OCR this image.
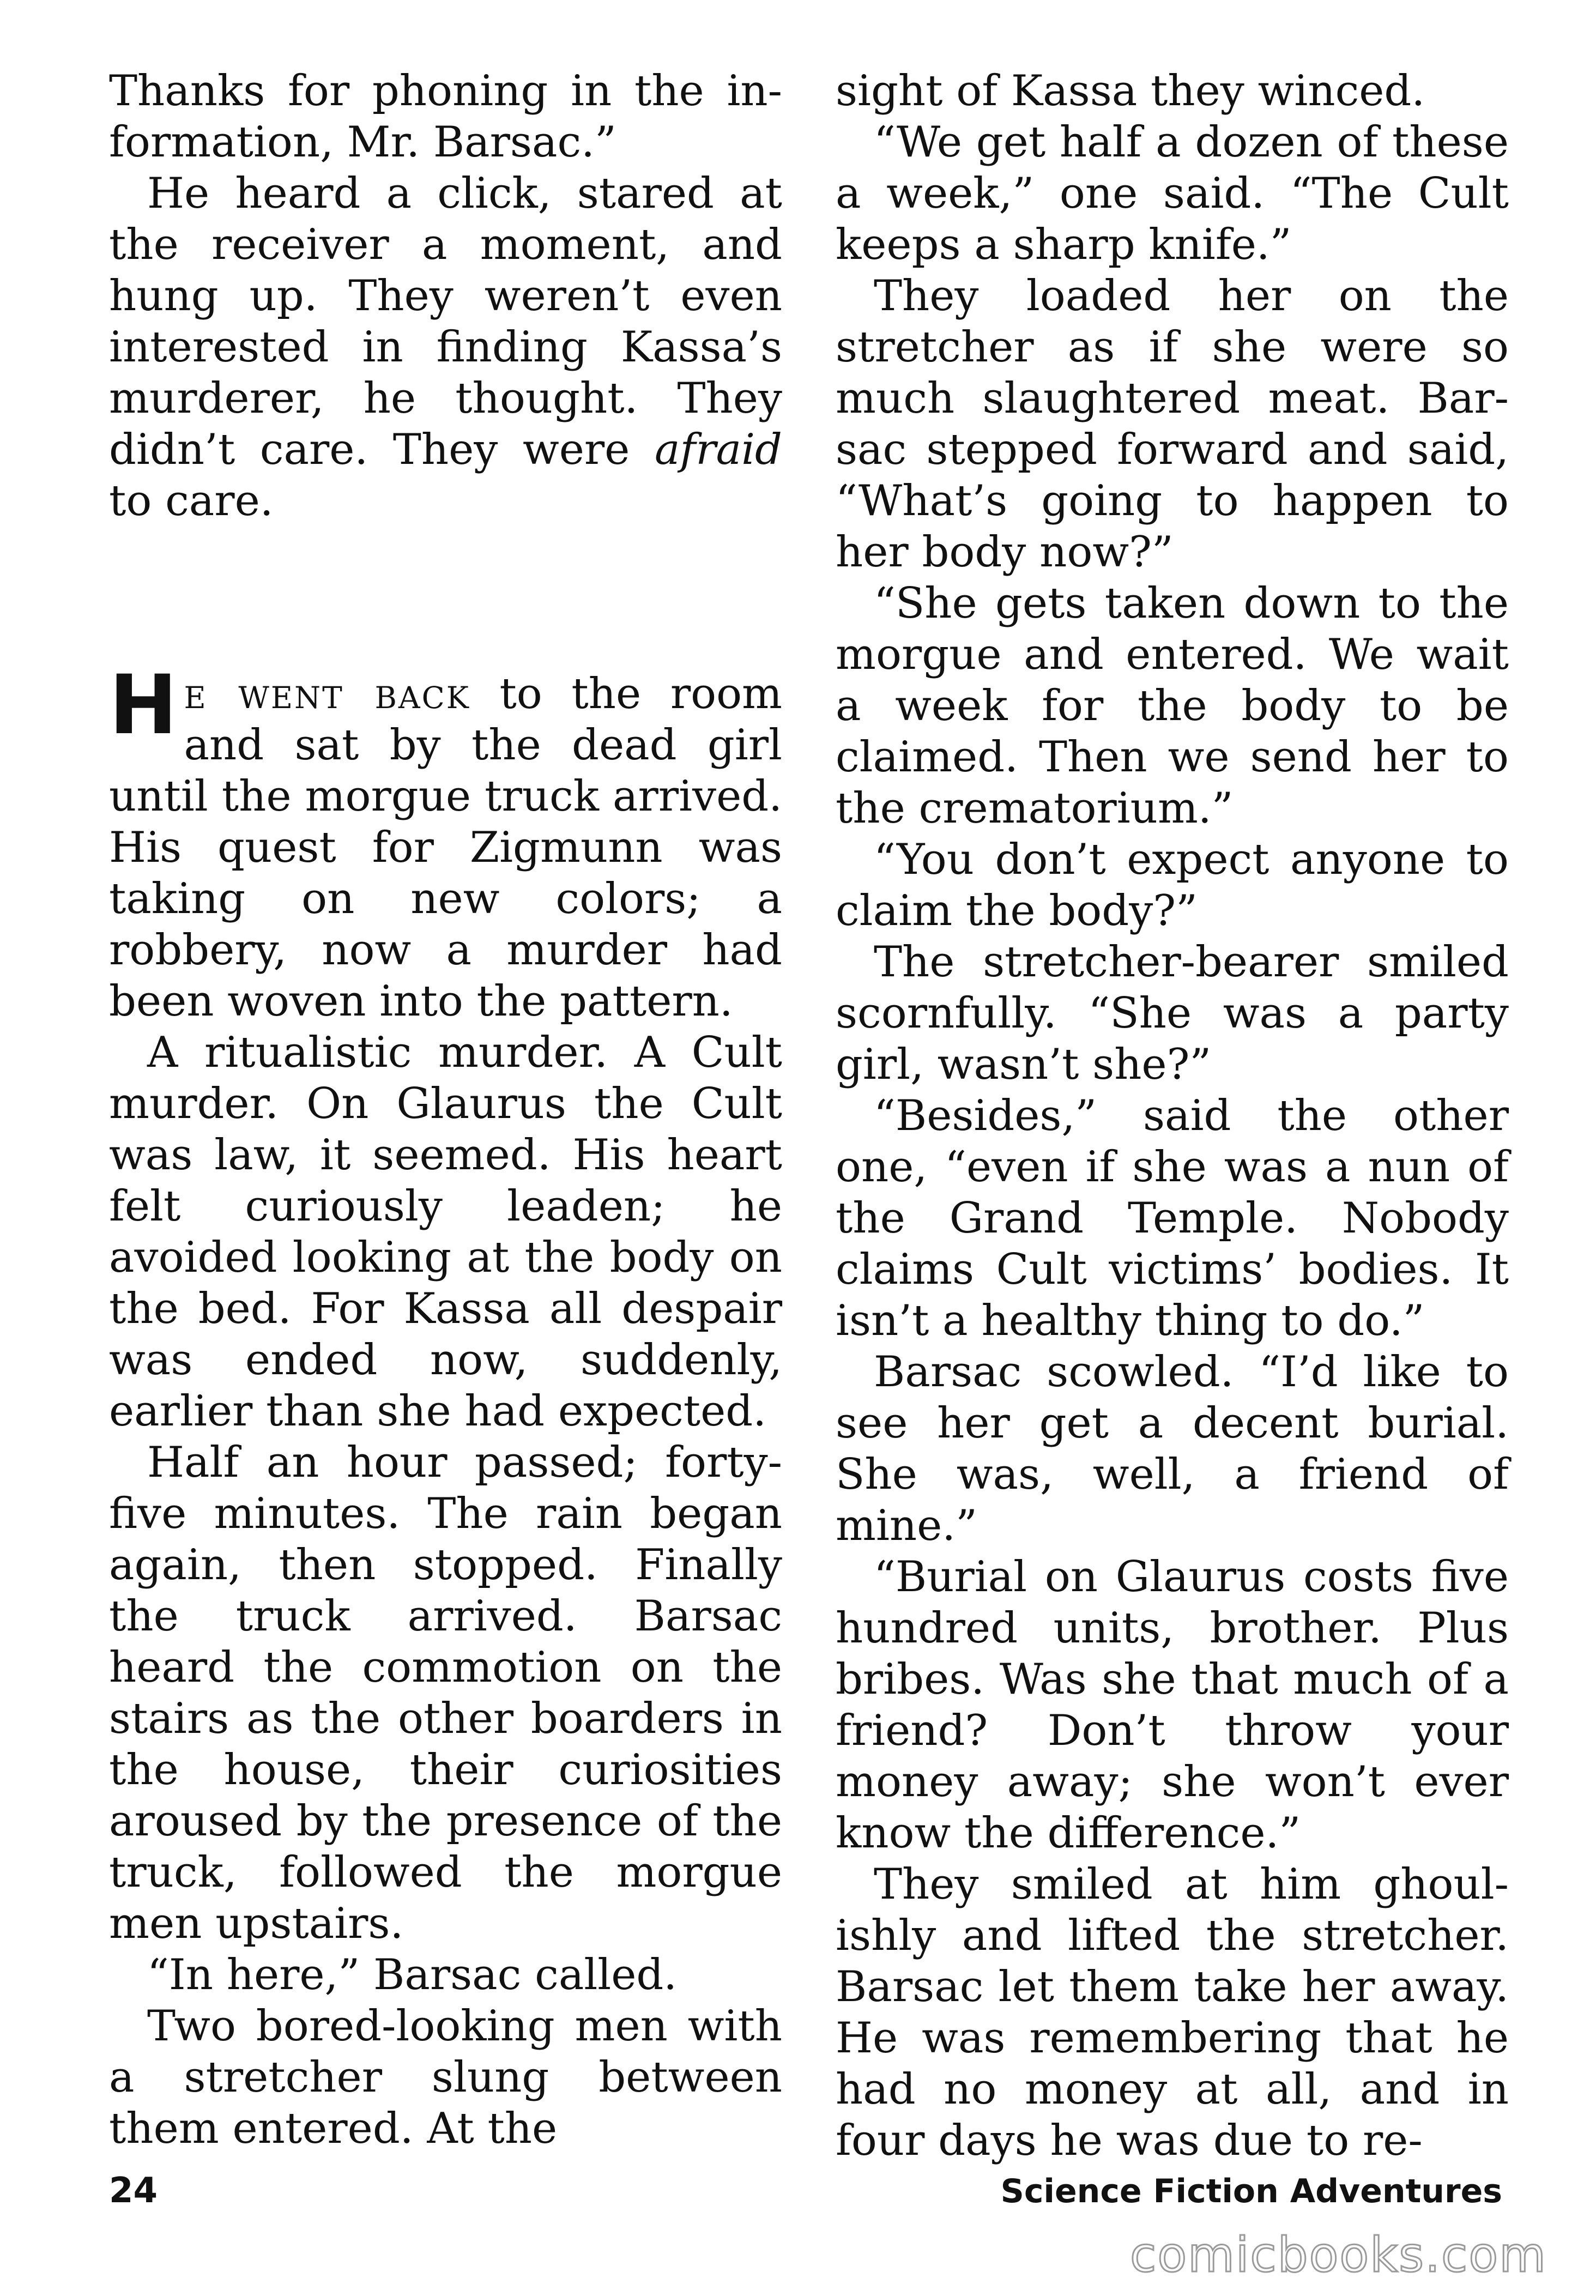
Thanks for phoning in the information, Mr. Barsac.”

He heard a click, stared at the receiver a moment, and hung up. They weren’t even interested in finding Kassa’s murderer, he thought. They didn’t care. They were afraid to care.

He went back to the room and sat by the dead girl until the morgue truck arrived. His quest for Zigmunn was taking on new colors; a robbery, now a murder had been woven into the pattern.

A ritualistic murder. A Cult murder. On Glaurus the Cult was law, it seemed. His heart felt curiously leaden; he avoided looking at the body on the bed. For Kassa all despair was ended now, suddenly, earlier than she had expected.

Half an hour passed; forty-five minutes. The rain began again, then stopped. Finally the truck arrived. Barsac heard the commotion on the stairs as the other boarders in the house, their curiosities aroused by the presence of the truck, followed the morgue men upstairs.

“In here,” Barsac called.

Two bored-looking men with a stretcher slung between them entered. At the

sight of Kassa they winced.

“We get half a dozen of these a week,” one said. “The Cult keeps a sharp knife.”

They loaded her on the stretcher as if she were so much slaughtered meat. Barsac stepped forward and said, “What’s going to happen to her body now?”

“She gets taken down to the morgue and entered. We wait a week for the body to be claimed. Then we send her to the crematorium.”

“You don’t expect anyone to claim the body?”

The stretcher-bearer smiled scornfully. “She was a party girl, wasn’t she?”

“Besides,” said the other one, “even if she was a nun of the Grand Temple. Nobody claims Cult victims’ bodies. It isn’t a healthy thing to do.”

Barsac scowled. “I’d like to see her get a decent burial. She was, well, a friend of mine.”

“Burial on Glaurus costs five hundred units, brother. Plus bribes. Was she that much of a friend? Don’t throw your money away; she won’t ever know the difference.”

They smiled at him ghoulishly and lifted the stretcher. Barsac let them take her away. He was remembering that he had no money at all, and in four days he was due to re-

24	Science Fiction Adventures
comicbooks.com
